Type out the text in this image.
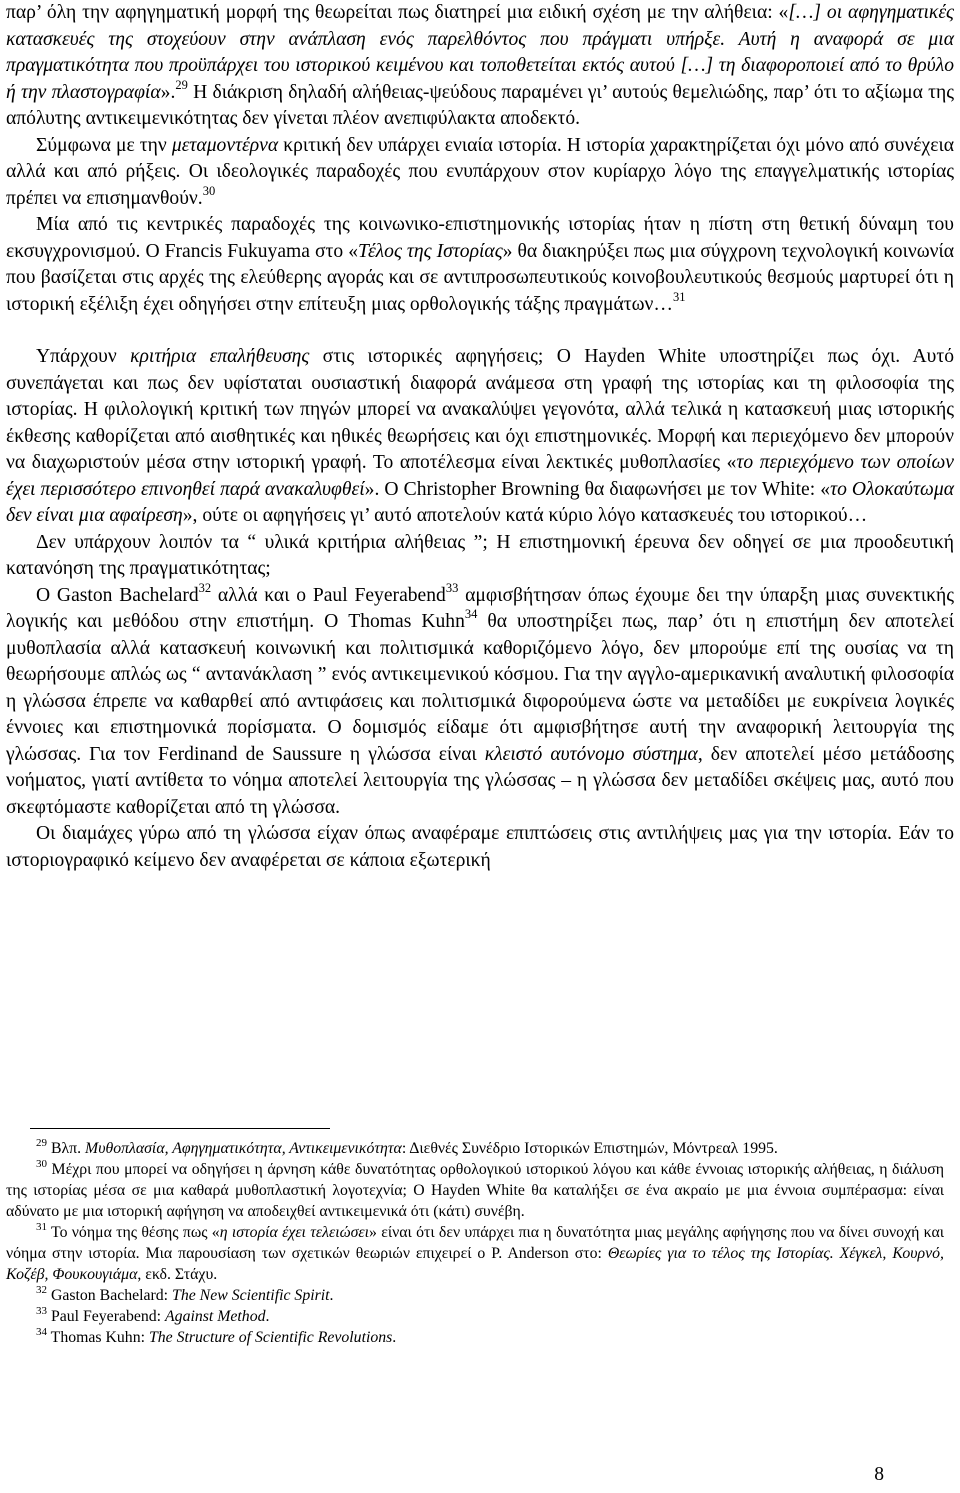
παρ’ όλη την αφηγηματική μορφή της θεωρείται πως διατηρεί μια ειδική σχέση με την αλήθεια: «[…] οι αφηγηματικές κατασκευές της στοχεύουν στην ανάπλαση ενός παρελθόντος που πράγματι υπήρξε. Αυτή η αναφορά σε μια πραγματικότητα που προϋπάρχει του ιστορικού κειμένου και τοποθετείται εκτός αυτού […] τη διαφοροποιεί από το θρύλο ή την πλαστογραφία».$^{29}$ Η διάκριση δηλαδή αλήθειας-ψεύδους παραμένει γι’ αυτούς θεμελιώδης, παρ’ ότι το αξίωμα της απόλυτης αντικειμενικότητας δεν γίνεται πλέον ανεπιφύλακτα αποδεκτό.

Σύμφωνα με την μεταμοντέρνα κριτική δεν υπάρχει ενιαία ιστορία. Η ιστορία χαρακτηρίζεται όχι μόνο από συνέχεια αλλά και από ρήξεις. Οι ιδεολογικές παραδοχές που ενυπάρχουν στον κυρίαρχο λόγο της επαγγελματικής ιστορίας πρέπει να επισημανθούν.$^{30}$

Μία από τις κεντρικές παραδοχές της κοινωνικο-επιστημονικής ιστορίας ήταν η πίστη στη θετική δύναμη του εκσυγχρονισμού. Ο Francis Fukuyama στο «Τέλος της Ιστορίας» θα διακηρύξει πως μια σύγχρονη τεχνολογική κοινωνία που βασίζεται στις αρχές της ελεύθερης αγοράς και σε αντιπροσωπευτικούς κοινοβουλευτικούς θεσμούς μαρτυρεί ότι η ιστορική εξέλιξη έχει οδηγήσει στην επίτευξη μιας ορθολογικής τάξης πραγμάτων…$^{31}$

Υπάρχουν κριτήρια επαλήθευσης στις ιστορικές αφηγήσεις; Ο Hayden White υποστηρίζει πως όχι. Αυτό συνεπάγεται και πως δεν υφίσταται ουσιαστική διαφορά ανάμεσα στη γραφή της ιστορίας και τη φιλοσοφία της ιστορίας. Η φιλολογική κριτική των πηγών μπορεί να ανακαλύψει γεγονότα, αλλά τελικά η κατασκευή μιας ιστορικής έκθεσης καθορίζεται από αισθητικές και ηθικές θεωρήσεις και όχι επιστημονικές. Μορφή και περιεχόμενο δεν μπορούν να διαχωριστούν μέσα στην ιστορική γραφή. Το αποτέλεσμα είναι λεκτικές μυθοπλασίες «το περιεχόμενο των οποίων έχει περισσότερο επινοηθεί παρά ανακαλυφθεί». Ο Christopher Browning θα διαφωνήσει με τον White: «το Ολοκαύτωμα δεν είναι μια αφαίρεση», ούτε οι αφηγήσεις γι’ αυτό αποτελούν κατά κύριο λόγο κατασκευές του ιστορικού…

Δεν υπάρχουν λοιπόν τα “ υλικά κριτήρια αλήθειας ”; Η επιστημονική έρευνα δεν οδηγεί σε μια προοδευτική κατανόηση της πραγματικότητας;

Ο Gaston Bachelard$^{32}$ αλλά και ο Paul Feyerabend$^{33}$ αμφισβήτησαν όπως έχουμε δει την ύπαρξη μιας συνεκτικής λογικής και μεθόδου στην επιστήμη. Ο Thomas Kuhn$^{34}$ θα υποστηρίξει πως, παρ’ ότι η επιστήμη δεν αποτελεί μυθοπλασία αλλά κατασκευή κοινωνική και πολιτισμικά καθοριζόμενο λόγο, δεν μπορούμε επί της ουσίας να τη θεωρήσουμε απλώς ως “ αντανάκλαση ” ενός αντικειμενικού κόσμου. Για την αγγλο-αμερικανική αναλυτική φιλοσοφία η γλώσσα έπρεπε να καθαρθεί από αντιφάσεις και πολιτισμικά διφορούμενα ώστε να μεταδίδει με ευκρίνεια λογικές έννοιες και επιστημονικά πορίσματα. Ο δομισμός είδαμε ότι αμφισβήτησε αυτή την αναφορική λειτουργία της γλώσσας. Για τον Ferdinand de Saussure η γλώσσα είναι κλειστό αυτόνομο σύστημα, δεν αποτελεί μέσο μετάδοσης νοήματος, γιατί αντίθετα το νόημα αποτελεί λειτουργία της γλώσσας – η γλώσσα δεν μεταδίδει σκέψεις μας, αυτό που σκεφτόμαστε καθορίζεται από τη γλώσσα.

Οι διαμάχες γύρω από τη γλώσσα είχαν όπως αναφέραμε επιπτώσεις στις αντιλήψεις μας για την ιστορία. Εάν το ιστοριογραφικό κείμενο δεν αναφέρεται σε κάποια εξωτερική

$^{29}$ Βλπ. Μυθοπλασία, Αφηγηματικότητα, Αντικειμενικότητα: Διεθνές Συνέδριο Ιστορικών Επιστημών, Μόντρεαλ 1995.

$^{30}$ Μέχρι που μπορεί να οδηγήσει η άρνηση κάθε δυνατότητας ορθολογικού ιστορικού λόγου και κάθε έννοιας ιστορικής αλήθειας, η διάλυση της ιστορίας μέσα σε μια καθαρά μυθοπλαστική λογοτεχνία; Ο Hayden White θα καταλήξει σε ένα ακραίο με μια έννοια συμπέρασμα: είναι αδύνατο με μια ιστορική αφήγηση να αποδειχθεί αντικειμενικά ότι (κάτι) συνέβη.

$^{31}$ Το νόημα της θέσης πως «η ιστορία έχει τελειώσει» είναι ότι δεν υπάρχει πια η δυνατότητα μιας μεγάλης αφήγησης που να δίνει συνοχή και νόημα στην ιστορία. Μια παρουσίαση των σχετικών θεωριών επιχειρεί ο P. Anderson στο: Θεωρίες για το τέλος της Ιστορίας. Χέγκελ, Κουρνό, Κοζέβ, Φουκουγιάμα, εκδ. Στάχυ.

$^{32}$ Gaston Bachelard: The New Scientific Spirit.

$^{33}$ Paul Feyerabend: Against Method.

$^{34}$ Thomas Kuhn: The Structure of Scientific Revolutions.

8
